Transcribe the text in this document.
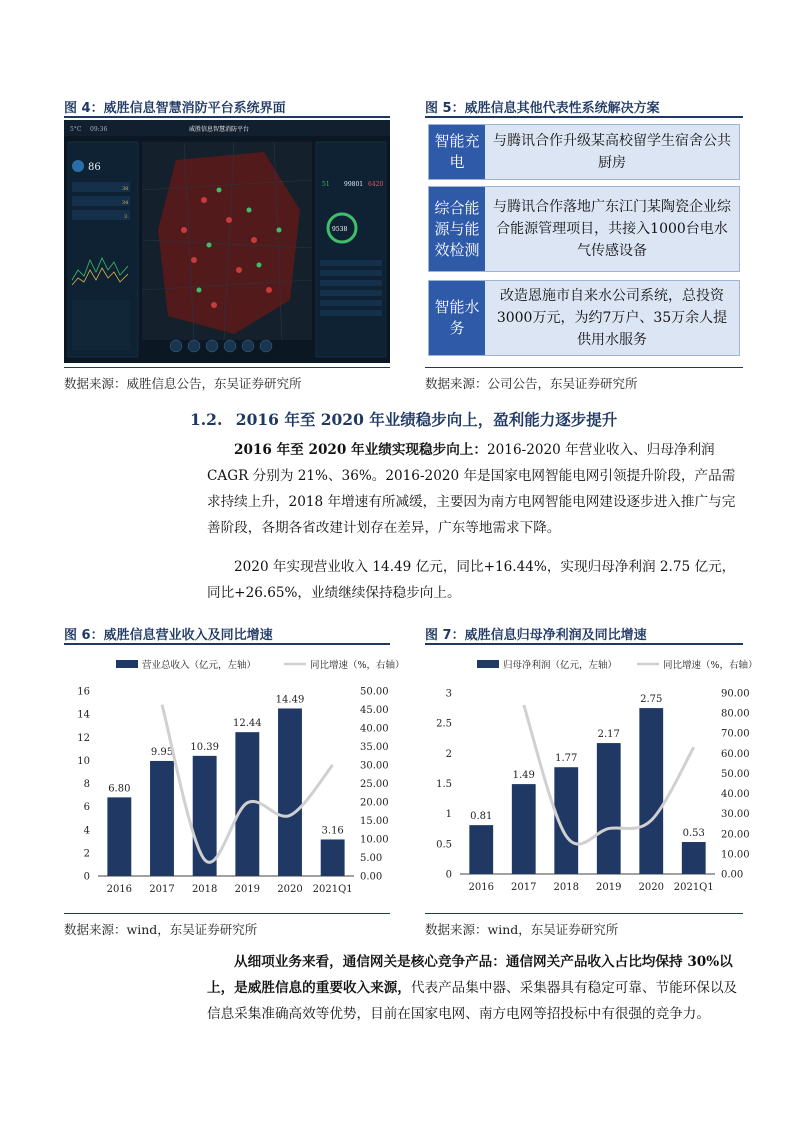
图 4：威胜信息智慧消防平台系统界面
5°C 09:36	威胜信息智慧消防平台
86
38
34
3
51 99801 6420
9538
数据来源：威胜信息公告，东吴证券研究所
图 5：威胜信息其他代表性系统解决方案
智能充电
与腾讯合作升级某高校留学生宿舍公共厨房
综合能源与能效检测
与腾讯合作落地广东江门某陶瓷企业综合能源管理项目，共接入1000台电水气传感设备
智能水务
改造恩施市自来水公司系统，总投资3000万元，为约7万户、35万余人提供用水服务
数据来源：公司公告，东吴证券研究所
1.2. 2016 年至 2020 年业绩稳步向上，盈利能力逐步提升
2016 年至 2020 年业绩实现稳步向上：2016-2020 年营业收入、归母净利润 CAGR 分别为 21%、36%。2016-2020 年是国家电网智能电网引领提升阶段，产品需求持续上升，2018 年增速有所减缓，主要因为南方电网智能电网建设逐步进入推广与完善阶段，各期各省改建计划存在差异，广东等地需求下降。
2020 年实现营业收入 14.49 亿元，同比+16.44%，实现归母净利润 2.75 亿元，同比+26.65%，业绩继续保持稳步向上。
图 6：威胜信息营业收入及同比增速
营业总收入（亿元，左轴）	同比增速（%，右轴）
0
2
4
6
8
10
12
14
16
0.00
5.00
10.00
15.00
20.00
25.00
30.00
35.00
40.00
45.00
50.00
6.80
9.95 10.39
12.44
14.49
3.16
2016 2017 2018 2019 2020 2021Q1
数据来源：wind，东吴证券研究所
图 7：威胜信息归母净利润及同比增速
归母净利润（亿元，左轴）	同比增速（%，右轴）
0
0.5
1
1.5
2
2.5
3
0.00
10.00
20.00
30.00
40.00
50.00
60.00
70.00
80.00
90.00
0.81
1.49
1.77
2.17
2.75
0.53
2016 2017 2018 2019 2020 2021Q1
数据来源：wind，东吴证券研究所
从细项业务来看，通信网关是核心竞争产品：通信网关产品收入占比均保持 30%以上，是威胜信息的重要收入来源，代表产品集中器、采集器具有稳定可靠、节能环保以及信息采集准确高效等优势，目前在国家电网、南方电网等招投标中有很强的竞争力。
